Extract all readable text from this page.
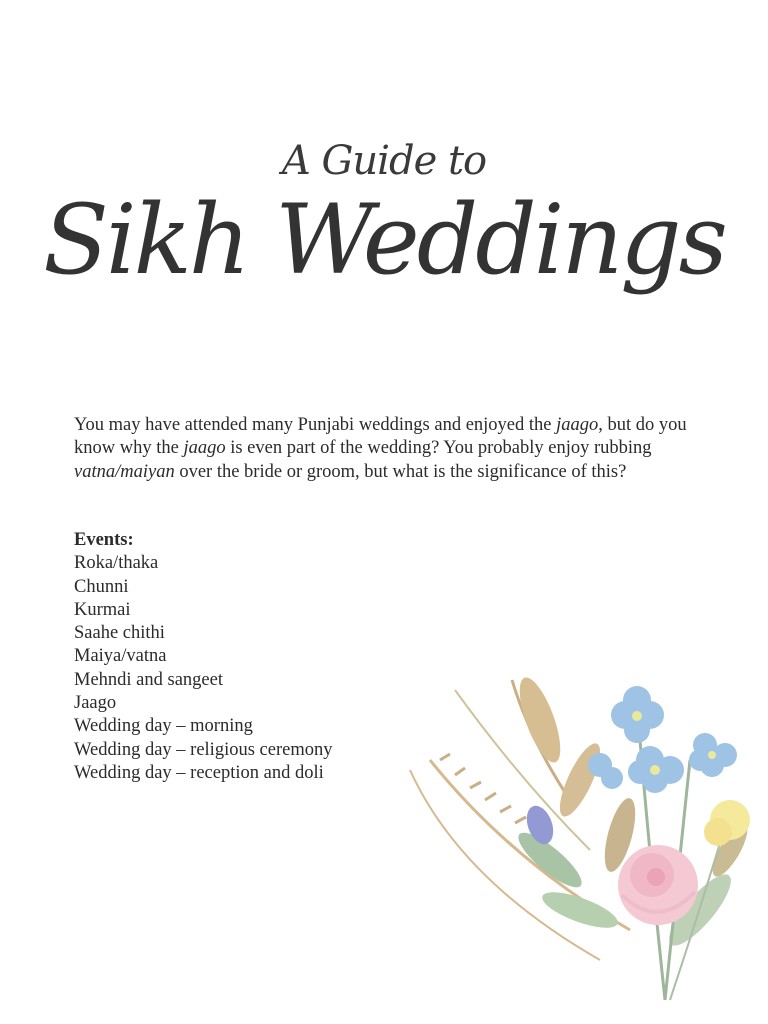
A Guide to
Sikh Weddings

You may have attended many Punjabi weddings and enjoyed the jaago, but do you know why the jaago is even part of the wedding? You probably enjoy rubbing vatna/maiyan over the bride or groom, but what is the significance of this?

Events:
Roka/thaka
Chunni
Kurmai
Saahe chithi
Maiya/vatna
Mehndi and sangeet
Jaago
Wedding day – morning
Wedding day – religious ceremony
Wedding day – reception and doli
